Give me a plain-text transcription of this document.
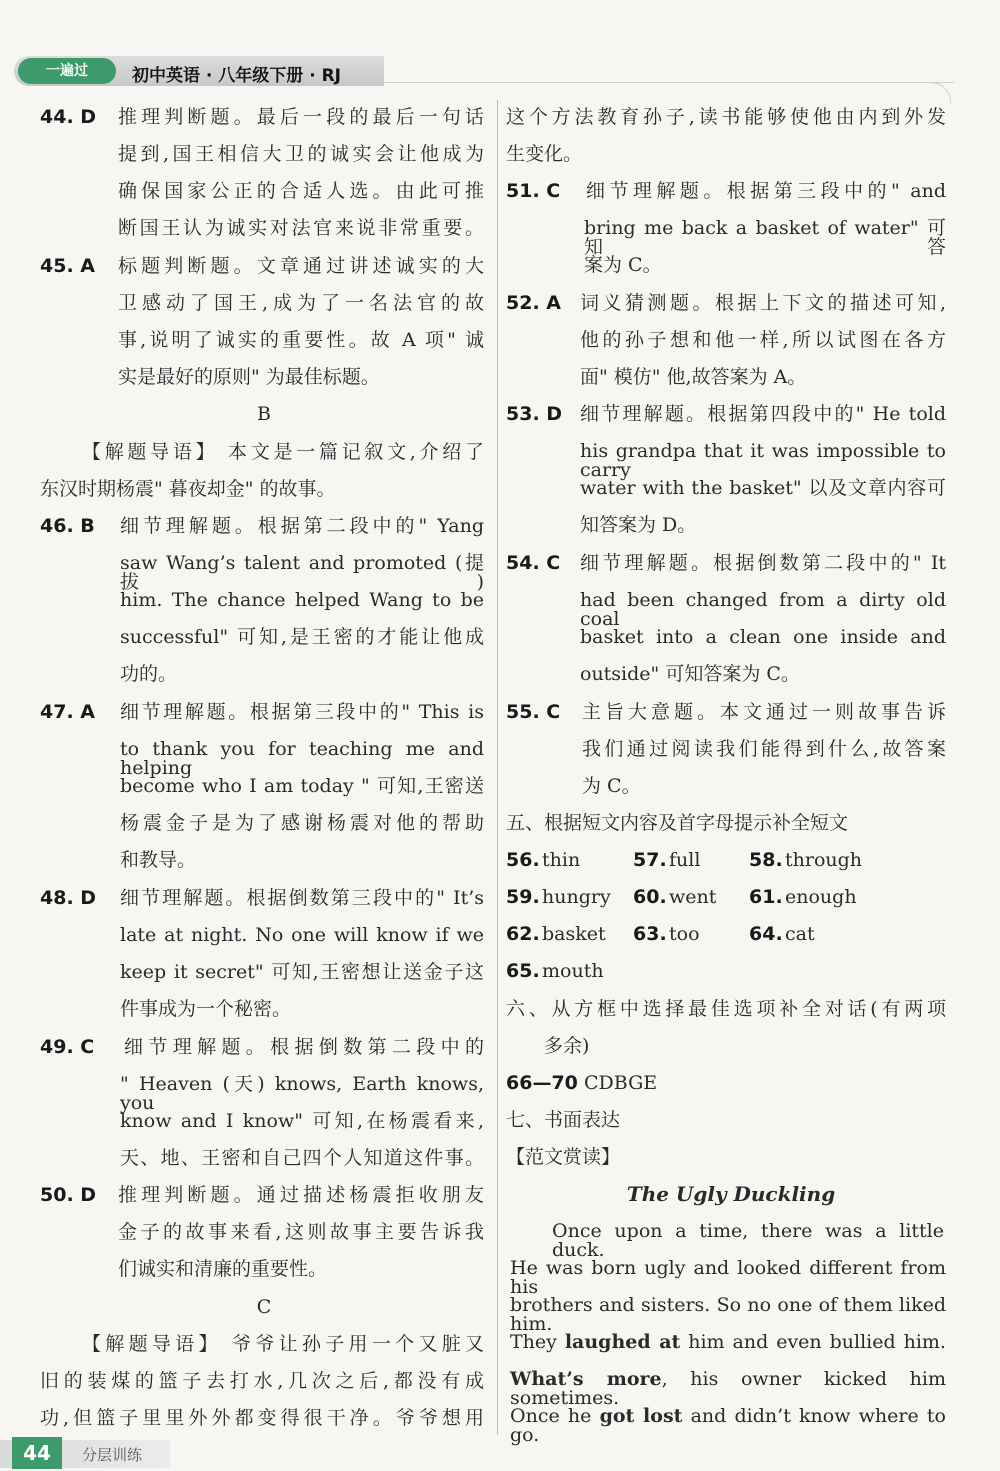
一遍过	初中英语 · 八年级下册 · RJ
44. D 推理判断题。最后一段的最后一句话
提到,国王相信大卫的诚实会让他成为
确保国家公正的合适人选。由此可推
断国王认为诚实对法官来说非常重要。
45. A 标题判断题。文章通过讲述诚实的大
卫感动了国王,成为了一名法官的故
事,说明了诚实的重要性。故 A 项" 诚
实是最好的原则" 为最佳标题。
B
【解题导语】 本文是一篇记叙文,介绍了
东汉时期杨震" 暮夜却金" 的故事。
46. B 细节理解题。根据第二段中的" Yang
saw Wang’s talent and promoted (提拔)
him. The chance helped Wang to be
successful" 可知,是王密的才能让他成
功的。
47. A 细节理解题。根据第三段中的" This is
to thank you for teaching me and helping
become who I am today " 可知,王密送
杨震金子是为了感谢杨震对他的帮助
和教导。
48. D 细节理解题。根据倒数第三段中的" It’s
late at night. No one will know if we
keep it secret" 可知,王密想让送金子这
件事成为一个秘密。
49. C 细节理解题。根据倒数第二段中的
" Heaven (天) knows, Earth knows, you
know and I know" 可知,在杨震看来,
天、地、王密和自己四个人知道这件事。
50. D 推理判断题。通过描述杨震拒收朋友
金子的故事来看,这则故事主要告诉我
们诚实和清廉的重要性。
C
【解题导语】 爷爷让孙子用一个又脏又
旧的装煤的篮子去打水,几次之后,都没有成
功,但篮子里里外外都变得很干净。爷爷想用
这个方法教育孙子,读书能够使他由内到外发
生变化。
51. C 细节理解题。根据第三段中的" and
bring me back a basket of water" 可知答
案为 C。
52. A 词义猜测题。根据上下文的描述可知,
他的孙子想和他一样,所以试图在各方
面" 模仿" 他,故答案为 A。
53. D 细节理解题。根据第四段中的" He told
his grandpa that it was impossible to carry
water with the basket" 以及文章内容可
知答案为 D。
54. C 细节理解题。根据倒数第二段中的" It
had been changed from a dirty old coal
basket into a clean one inside and
outside" 可知答案为 C。
55. C 主旨大意题。本文通过一则故事告诉
我们通过阅读我们能得到什么,故答案
为 C。
五、根据短文内容及首字母提示补全短文
56. thin	57. full	58. through
59. hungry 60. went 61. enough
62. basket 63. too	64. cat
65. mouth
六、从方框中选择最佳选项补全对话(有两项
多余)
66—70 CDBGE
七、书面表达
【范文赏读】
The Ugly Duckling
Once upon a time, there was a little duck.
He was born ugly and looked different from his
brothers and sisters. So no one of them liked him.
They laughed at him and even bullied him.
What’s more, his owner kicked him sometimes.
Once he got lost and didn’t know where to go.
44	分层训练
